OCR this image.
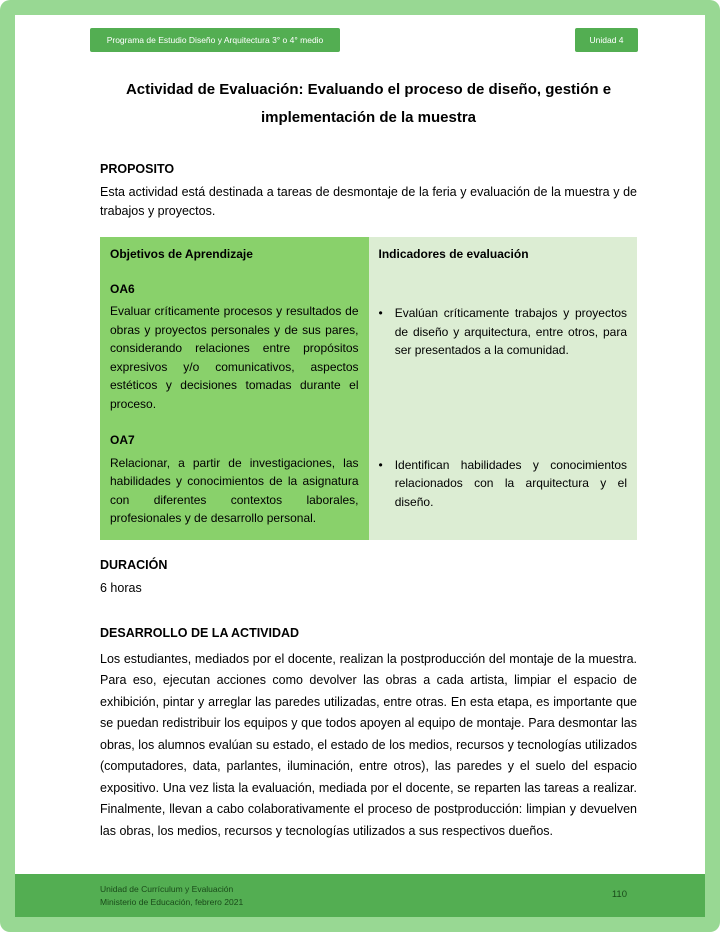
Programa de Estudio Diseño y Arquitectura 3° o 4° medio	Unidad 4
Actividad de Evaluación: Evaluando el proceso de diseño, gestión e implementación de la muestra
PROPOSITO

Esta actividad está destinada a tareas de desmontaje de la feria y evaluación de la muestra y de trabajos y proyectos.

Objetivos de Aprendizaje	Indicadores de evaluación
OA6
Evaluar críticamente procesos y resultados de obras y proyectos personales y de sus pares, considerando relaciones entre propósitos expresivos y/o comunicativos, aspectos estéticos y decisiones tomadas durante el proceso.
• Evalúan críticamente trabajos y proyectos de diseño y arquitectura, entre otros, para ser presentados a la comunidad.
OA7
Relacionar, a partir de investigaciones, las habilidades y conocimientos de la asignatura con diferentes contextos laborales, profesionales y de desarrollo personal.
• Identifican habilidades y conocimientos relacionados con la arquitectura y el diseño.
DURACIÓN

6 horas

DESARROLLO DE LA ACTIVIDAD

Los estudiantes, mediados por el docente, realizan la postproducción del montaje de la muestra. Para eso, ejecutan acciones como devolver las obras a cada artista, limpiar el espacio de exhibición, pintar y arreglar las paredes utilizadas, entre otras. En esta etapa, es importante que se puedan redistribuir los equipos y que todos apoyen al equipo de montaje. Para desmontar las obras, los alumnos evalúan su estado, el estado de los medios, recursos y tecnologías utilizados (computadores, data, parlantes, iluminación, entre otros), las paredes y el suelo del espacio expositivo. Una vez lista la evaluación, mediada por el docente, se reparten las tareas a realizar. Finalmente, llevan a cabo colaborativamente el proceso de postproducción: limpian y devuelven las obras, los medios, recursos y tecnologías utilizados a sus respectivos dueños.

Unidad de Currículum y Evaluación
Ministerio de Educación, febrero 2021
110
